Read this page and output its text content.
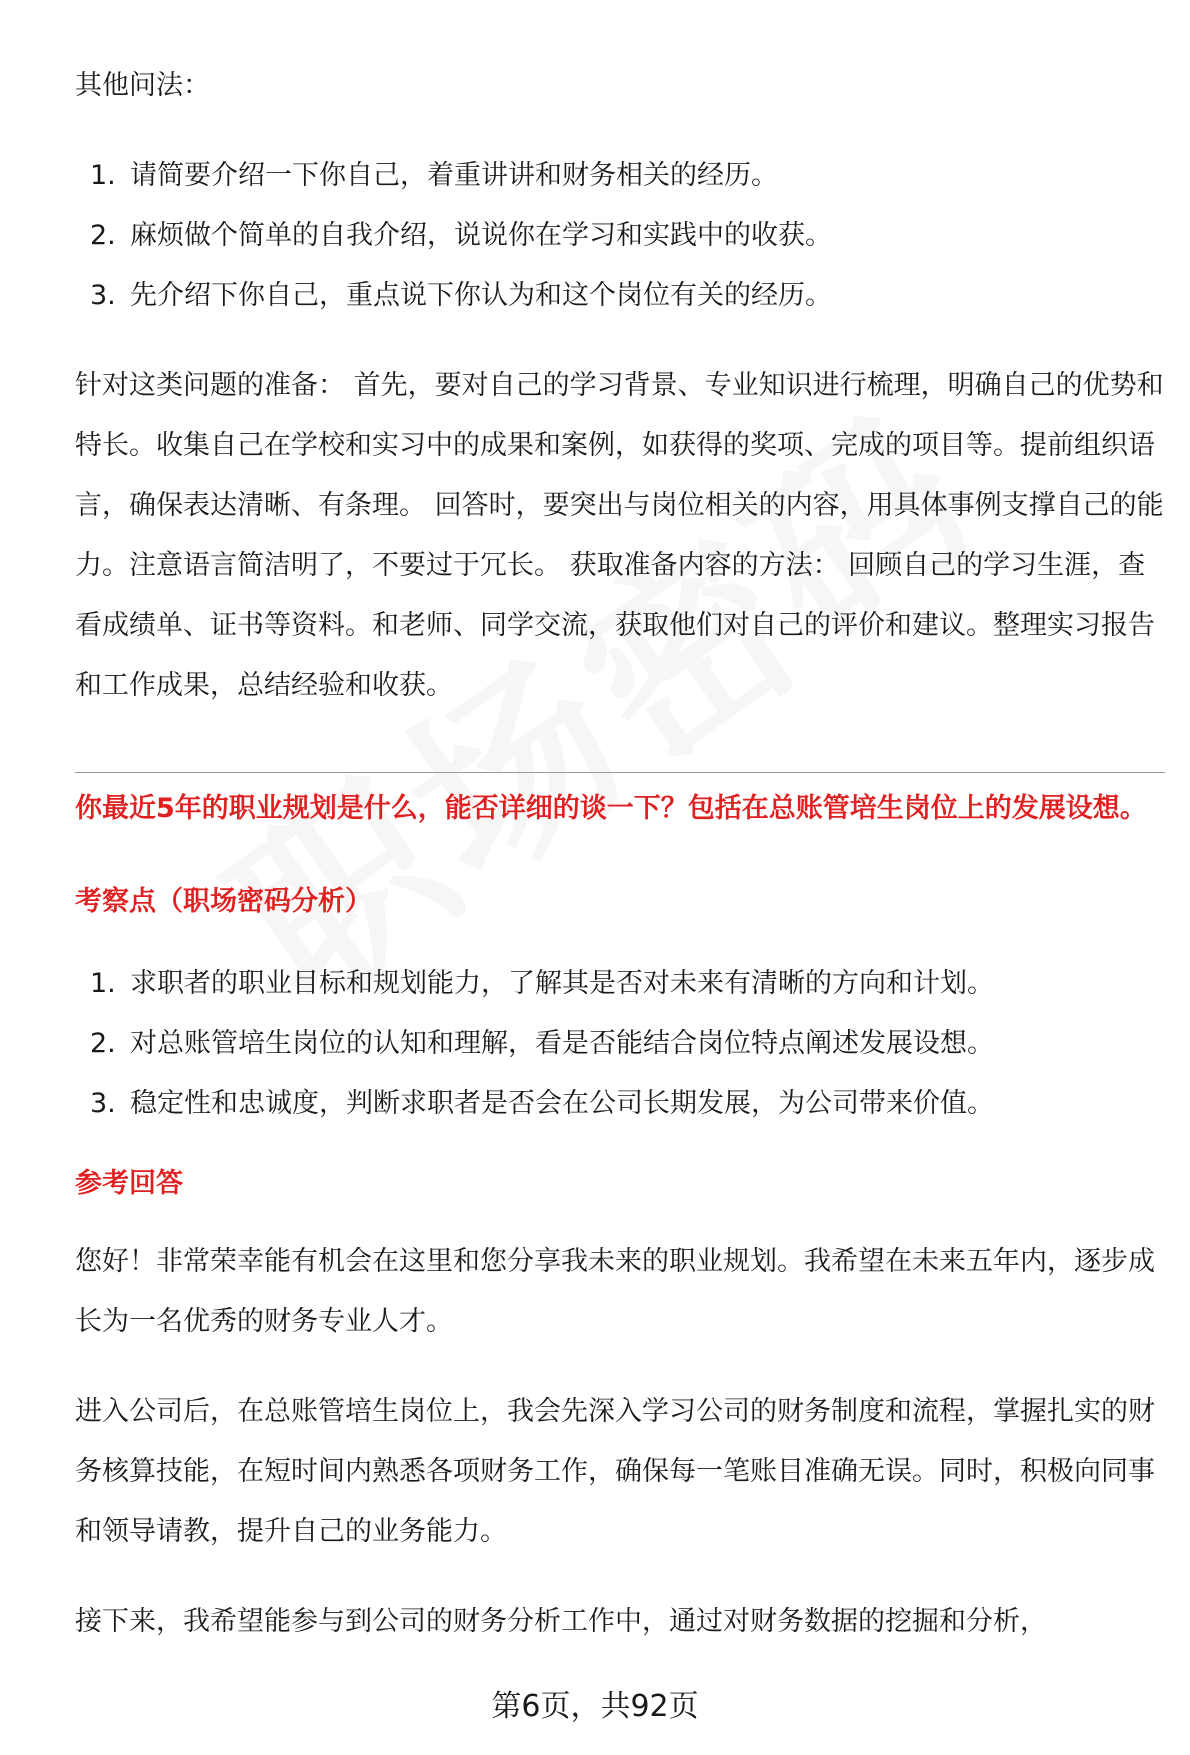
其他问法：

1. 请简要介绍一下你自己，着重讲讲和财务相关的经历。
2. 麻烦做个简单的自我介绍，说说你在学习和实践中的收获。
3. 先介绍下你自己，重点说下你认为和这个岗位有关的经历。

针对这类问题的准备： 首先，要对自己的学习背景、专业知识进行梳理，明确自己的优势和特长。收集自己在学校和实习中的成果和案例，如获得的奖项、完成的项目等。提前组织语言，确保表达清晰、有条理。 回答时，要突出与岗位相关的内容，用具体事例支撑自己的能力。注意语言简洁明了，不要过于冗长。 获取准备内容的方法： 回顾自己的学习生涯，查看成绩单、证书等资料。和老师、同学交流，获取他们对自己的评价和建议。整理实习报告和工作成果，总结经验和收获。

你最近5年的职业规划是什么，能否详细的谈一下？包括在总账管培生岗位上的发展设想。

考察点（职场密码分析）

1. 求职者的职业目标和规划能力，了解其是否对未来有清晰的方向和计划。
2. 对总账管培生岗位的认知和理解，看是否能结合岗位特点阐述发展设想。
3. 稳定性和忠诚度，判断求职者是否会在公司长期发展，为公司带来价值。

参考回答

您好！非常荣幸能有机会在这里和您分享我未来的职业规划。我希望在未来五年内，逐步成长为一名优秀的财务专业人才。

进入公司后，在总账管培生岗位上，我会先深入学习公司的财务制度和流程，掌握扎实的财务核算技能，在短时间内熟悉各项财务工作，确保每一笔账目准确无误。同时，积极向同事和领导请教，提升自己的业务能力。

接下来，我希望能参与到公司的财务分析工作中，通过对财务数据的挖掘和分析，

第6页，共92页
